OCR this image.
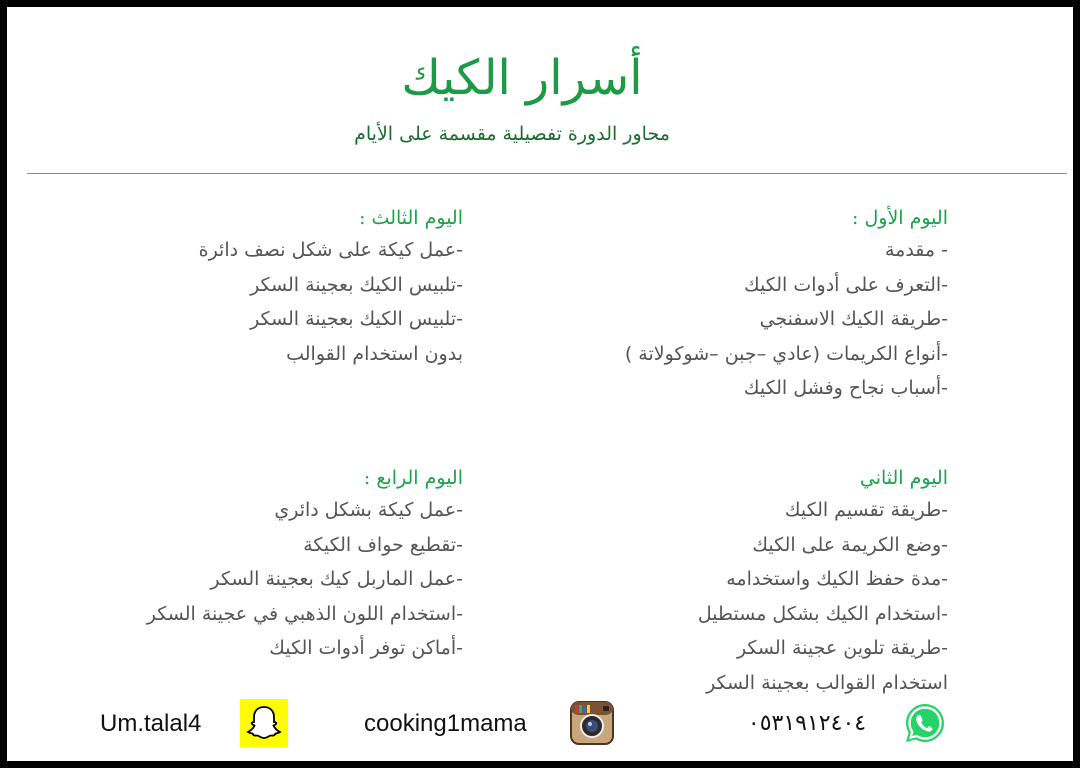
أسرار الكيك
محاور الدورة تفصيلية مقسمة على الأيام
اليوم الأول :
- مقدمة
-التعرف على أدوات الكيك
-طريقة الكيك الاسفنجي
-أنواع الكريمات (عادي –جبن –شوكولاتة )
-أسباب نجاح وفشل الكيك
اليوم الثالث :
-عمل كيكة على شكل نصف دائرة
-تلبيس الكيك بعجينة السكر
-تلبيس الكيك بعجينة السكر
بدون استخدام القوالب
اليوم الثاني
-طريقة تقسيم الكيك
-وضع الكريمة على الكيك
-مدة حفظ الكيك واستخدامه
-استخدام الكيك بشكل مستطيل
-طريقة تلوين عجينة السكر
استخدام القوالب بعجينة السكر
اليوم الرابع :
-عمل كيكة بشكل دائري
-تقطيع حواف الكيكة
-عمل الماربل كيك بعجينة السكر
-استخدام اللون الذهبي في عجينة السكر
-أماكن توفر أدوات الكيك
Um.talal4	cooking1mama	٠٥٣١٩١٢٤٠٤
